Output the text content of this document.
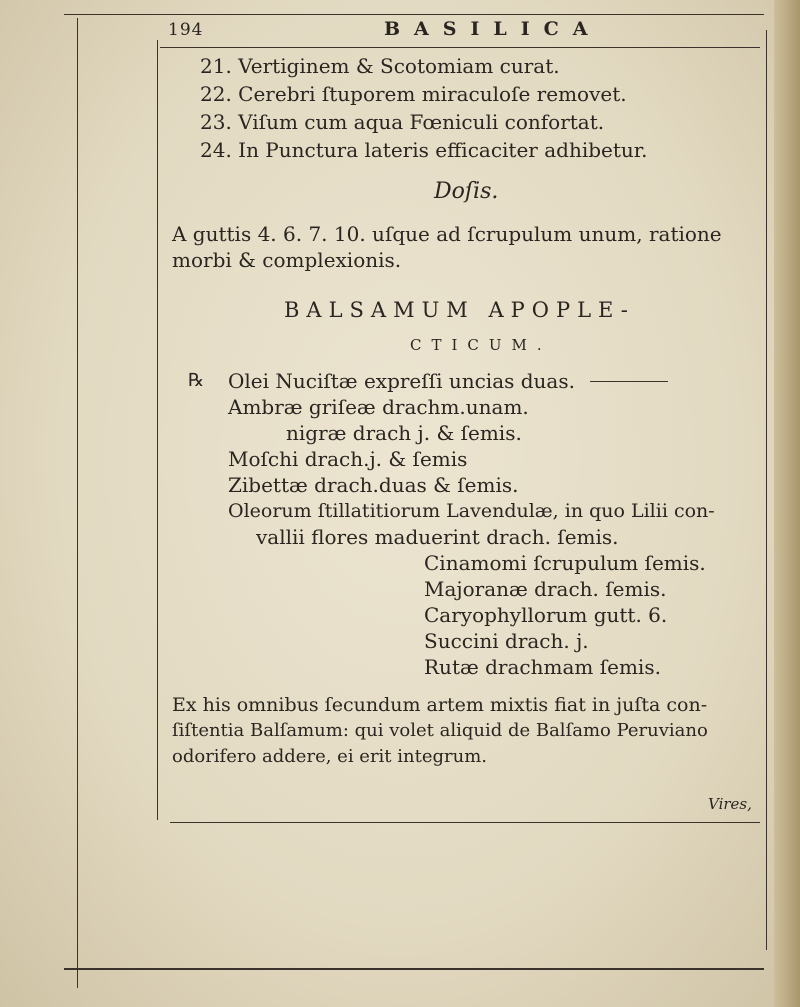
194	BASILICA
21. Vertiginem & Scotomiam curat.
22. Cerebri ſtuporem miraculoſe removet.
23. Viſum cum aqua Fœniculi confortat.
24. In Punctura lateris efficaciter adhibetur.
Doſis.
A guttis 4. 6. 7. 10. uſque ad ſcrupulum unum, ratione
morbi & complexionis.
BALSAMUM APOPLE-
CTICUM.
℞ Olei Nuciſtæ expreſſi uncias duas.
Ambræ griſeæ drachm.unam.
nigræ drach j. & ſemis.
Moſchi drach.j. & ſemis
Zibettæ drach.duas & ſemis.
Oleorum ſtillatitiorum Lavendulæ, in quo Lilii con-
vallii flores maduerint drach. ſemis.
Cinamomi ſcrupulum ſemis.
Majoranæ drach. ſemis.
Caryophyllorum gutt. 6.
Succini drach. j.
Rutæ drachmam ſemis.
Ex his omnibus ſecundum artem mixtis fiat in juſta con-
ſiſtentia Balſamum: qui volet aliquid de Balſamo Peruviano
odorifero addere, ei erit integrum.
Vires,
